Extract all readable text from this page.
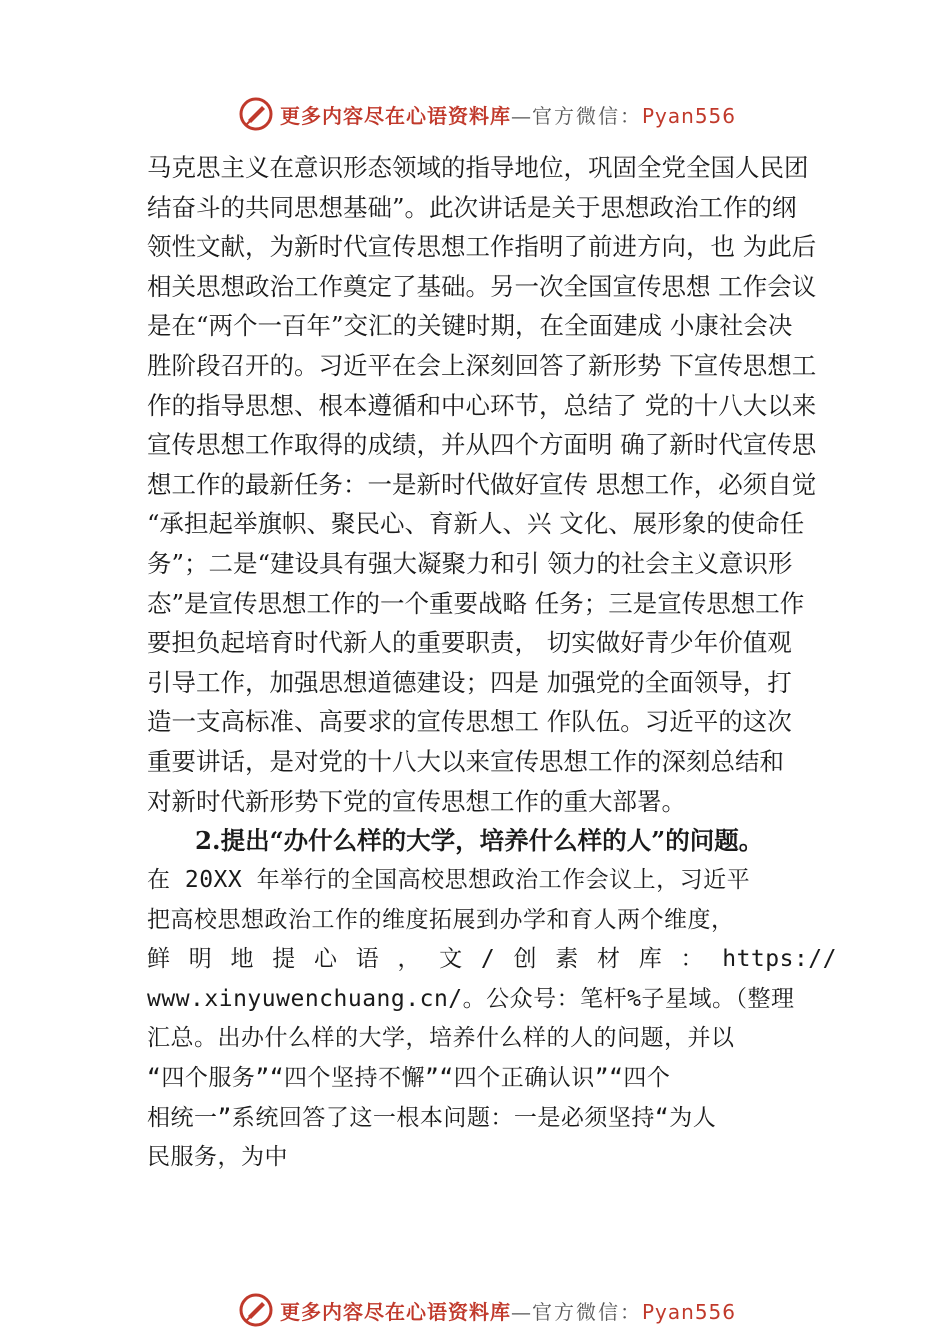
更多内容尽在心语资料库—官方微信：Pyan556
马克思主义在意识形态领域的指导地位，巩固全党全国人民团
结奋斗的共同思想基础”。此次讲话是关于思想政治工作的纲
领性文献，为新时代宣传思想工作指明了前进方向，也 为此后
相关思想政治工作奠定了基础。另一次全国宣传思想 工作会议
是在“两个一百年”交汇的关键时期，在全面建成 小康社会决
胜阶段召开的。习近平在会上深刻回答了新形势 下宣传思想工
作的指导思想、根本遵循和中心环节，总结了 党的十八大以来
宣传思想工作取得的成绩，并从四个方面明 确了新时代宣传思
想工作的最新任务：一是新时代做好宣传 思想工作，必须自觉
“承担起举旗帜、聚民心、育新人、兴 文化、展形象的使命任
务”；二是“建设具有强大凝聚力和引 领力的社会主义意识形
态”是宣传思想工作的一个重要战略 任务；三是宣传思想工作
要担负起培育时代新人的重要职责， 切实做好青少年价值观
引导工作，加强思想道德建设；四是 加强党的全面领导，打
造一支高标准、高要求的宣传思想工 作队伍。习近平的这次
重要讲话，是对党的十八大以来宣传思想工作的深刻总结和
对新时代新形势下党的宣传思想工作的重大部署。
2.提出“办什么样的大学，培养什么样的人”的问题。
在 20XX 年举行的全国高校思想政治工作会议上，习近平
把高校思想政治工作的维度拓展到办学和育人两个维度，
鲜明地提心语，文/创素材库：https://
www.xinyuwenchuang.cn/。公众号：笔杆%子星域。（整理
汇总。出办什么样的大学，培养什么样的人的问题，并以
“四个服务”“四个坚持不懈”“四个正确认识”“四个
相统一”系统回答了这一根本问题：一是必须坚持“为人
民服务，为中
更多内容尽在心语资料库—官方微信：Pyan556
